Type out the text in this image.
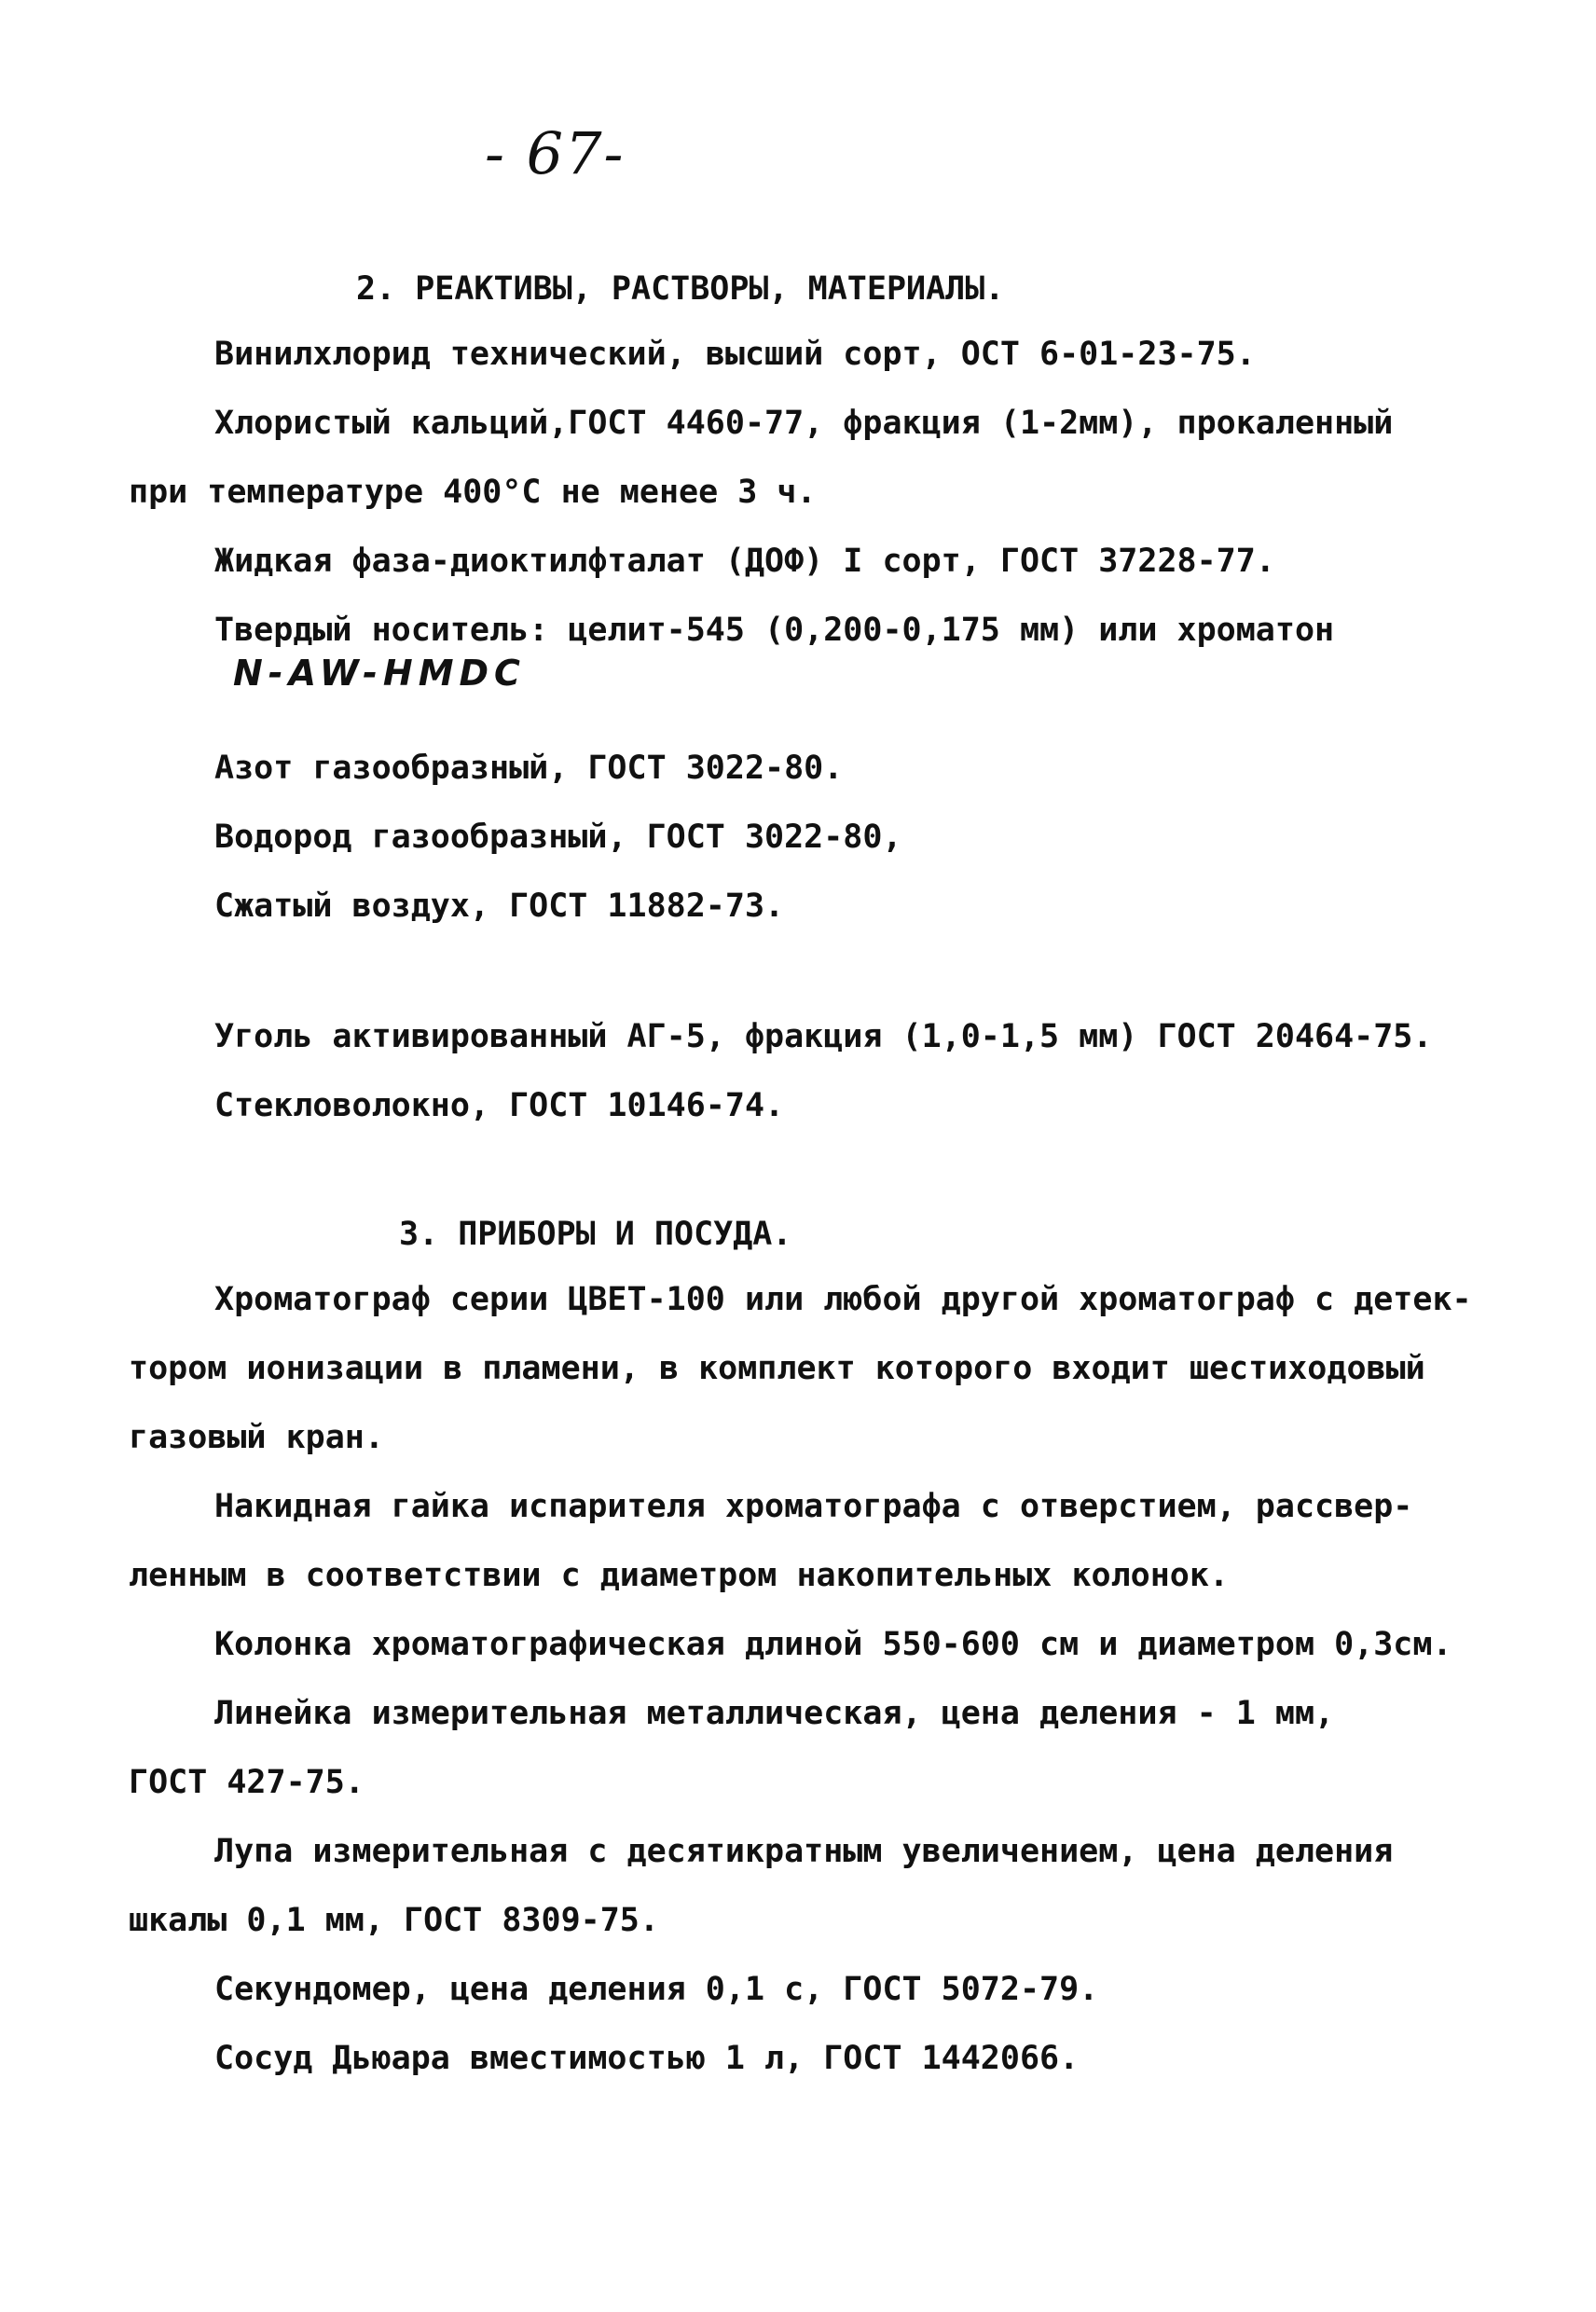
- 67-
2. РЕАКТИВЫ, РАСТВОРЫ, МАТЕРИАЛЫ.
Винилхлорид технический, высший сорт, ОСТ 6-01-23-75.
Хлористый кальций,ГОСТ 4460-77, фракция (1-2мм), прокаленный
при температуре 400°С не менее 3 ч.
Жидкая фаза-диоктилфталат (ДОФ) I сорт, ГОСТ 37228-77.
Твердый носитель: целит-545 (0,200-0,175 мм) или хроматон
N-AW-HMDC
Азот газообразный, ГОСТ 3022-80.
Водород газообразный, ГОСТ 3022-80,
Сжатый воздух, ГОСТ 11882-73.
Уголь активированный АГ-5, фракция (1,0-1,5 мм) ГОСТ 20464-75.
Стекловолокно, ГОСТ 10146-74.
3. ПРИБОРЫ И ПОСУДА.
Хроматограф серии ЦВЕТ-100 или любой другой хроматограф с детек-
тором ионизации в пламени, в комплект которого входит шестиходовый
газовый кран.
Накидная гайка испарителя хроматографа с отверстием, рассвер-
ленным в соответствии с диаметром накопительных колонок.
Колонка хроматографическая длиной 550-600 см и диаметром 0,3см.
Линейка измерительная металлическая, цена деления - 1 мм,
ГОСТ 427-75.
Лупа измерительная с десятикратным увеличением, цена деления
шкалы 0,1 мм, ГОСТ 8309-75.
Секундомер, цена деления 0,1 с, ГОСТ 5072-79.
Сосуд Дьюара вместимостью 1 л, ГОСТ 1442066.
